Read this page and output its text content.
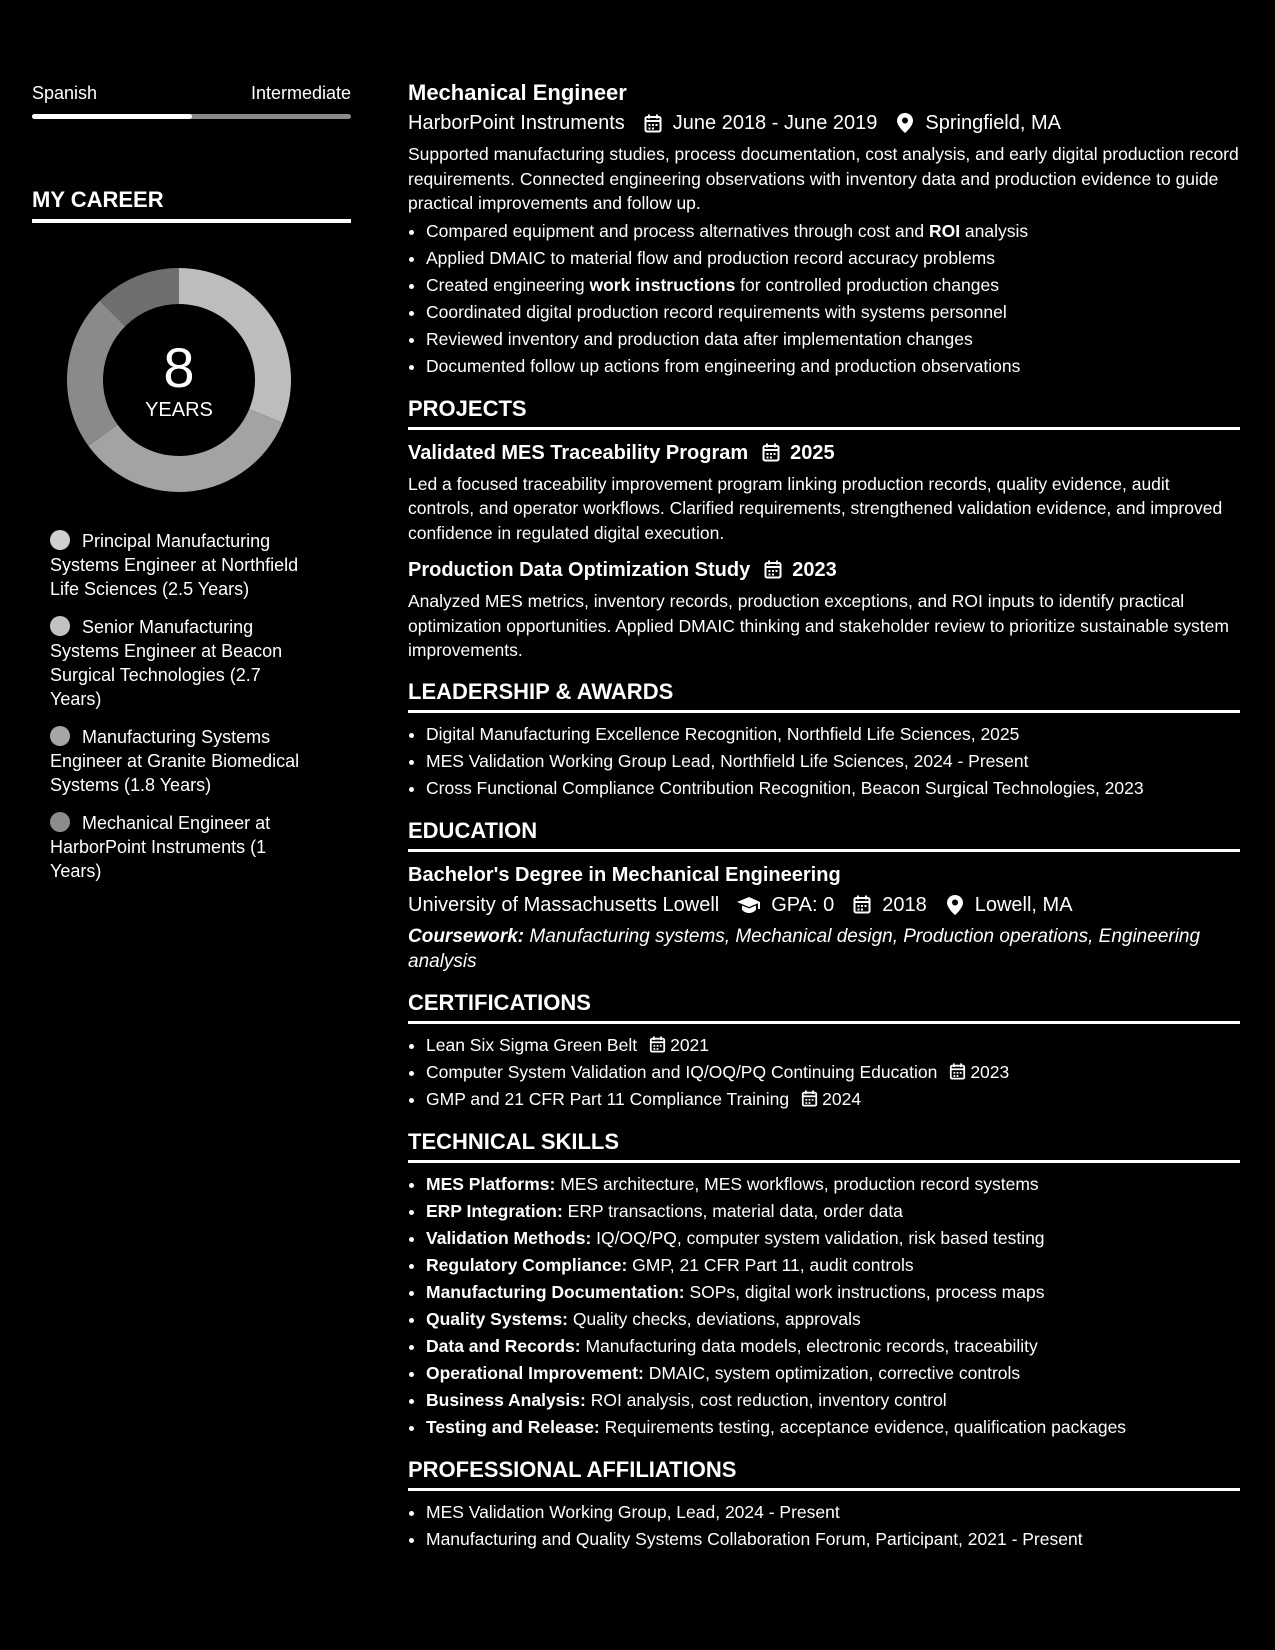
Spanish	Intermediate
MY CAREER
8
YEARS
Principal Manufacturing Systems Engineer at Northfield Life Sciences (2.5 Years)
Senior Manufacturing Systems Engineer at Beacon Surgical Technologies (2.7 Years)
Manufacturing Systems Engineer at Granite Biomedical Systems (1.8 Years)
Mechanical Engineer at HarborPoint Instruments (1 Years)
Mechanical Engineer
HarborPoint Instruments June 2018 - June 2019 Springfield, MA
Supported manufacturing studies, process documentation, cost analysis, and early digital production record requirements. Connected engineering observations with inventory data and production evidence to guide practical improvements and follow up.
• Compared equipment and process alternatives through cost and ROI analysis
• Applied DMAIC to material flow and production record accuracy problems
• Created engineering work instructions for controlled production changes
• Coordinated digital production record requirements with systems personnel
• Reviewed inventory and production data after implementation changes
• Documented follow up actions from engineering and production observations
PROJECTS
Validated MES Traceability Program 2025
Led a focused traceability improvement program linking production records, quality evidence, audit controls, and operator workflows. Clarified requirements, strengthened validation evidence, and improved confidence in regulated digital execution.
Production Data Optimization Study 2023
Analyzed MES metrics, inventory records, production exceptions, and ROI inputs to identify practical optimization opportunities. Applied DMAIC thinking and stakeholder review to prioritize sustainable system improvements.
LEADERSHIP & AWARDS
• Digital Manufacturing Excellence Recognition, Northfield Life Sciences, 2025
• MES Validation Working Group Lead, Northfield Life Sciences, 2024 - Present
• Cross Functional Compliance Contribution Recognition, Beacon Surgical Technologies, 2023
EDUCATION
Bachelor's Degree in Mechanical Engineering
University of Massachusetts Lowell	GPA: 0 2018 Lowell, MA
Coursework: Manufacturing systems, Mechanical design, Production operations, Engineering analysis
CERTIFICATIONS
• Lean Six Sigma Green Belt 2021
• Computer System Validation and IQ/OQ/PQ Continuing Education 2023
• GMP and 21 CFR Part 11 Compliance Training 2024
TECHNICAL SKILLS
• MES Platforms: MES architecture, MES workflows, production record systems
• ERP Integration: ERP transactions, material data, order data
• Validation Methods: IQ/OQ/PQ, computer system validation, risk based testing
• Regulatory Compliance: GMP, 21 CFR Part 11, audit controls
• Manufacturing Documentation: SOPs, digital work instructions, process maps
• Quality Systems: Quality checks, deviations, approvals
• Data and Records: Manufacturing data models, electronic records, traceability
• Operational Improvement: DMAIC, system optimization, corrective controls
• Business Analysis: ROI analysis, cost reduction, inventory control
• Testing and Release: Requirements testing, acceptance evidence, qualification packages
PROFESSIONAL AFFILIATIONS
• MES Validation Working Group, Lead, 2024 - Present
• Manufacturing and Quality Systems Collaboration Forum, Participant, 2021 - Present
